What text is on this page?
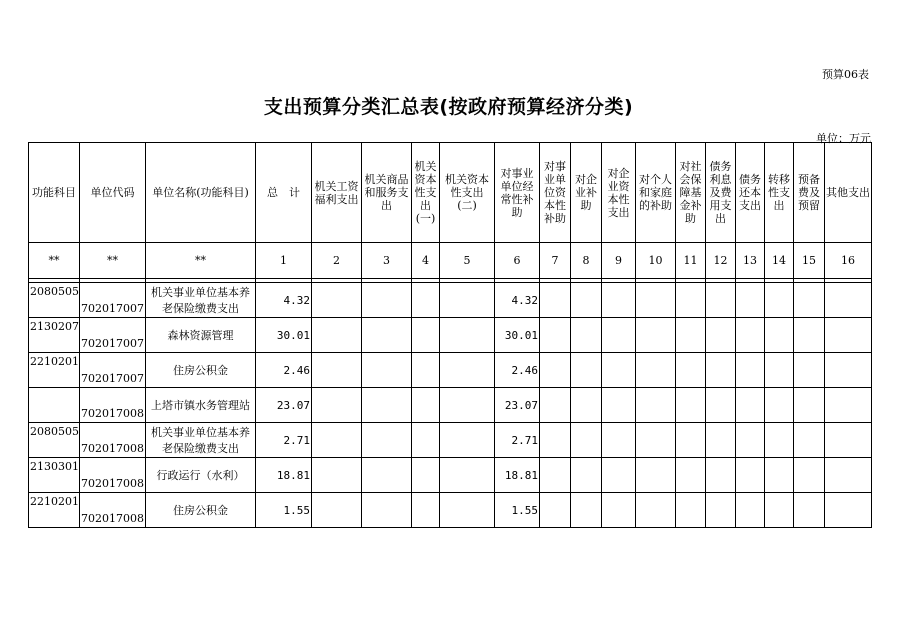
预算06表
支出预算分类汇总表(按政府预算经济分类)
单位：万元
功能科目	单位代码	单位名称(功能科目)	总　计	机关工资福利支出	机关商品和服务支出	机关资本性支出(一)	机关资本性支出(二)	对事业单位经常性补助	对事业单位资本性补助	对企业补助	对企业资本性支出	对个人和家庭的补助	对社会保障基金补助	债务利息及费用支出	债务还本支出	转移性支出	预备费及预留	其他支出
**	**	**	1	2	3	4	5	6	7	8	9	10	11	12	13	14	15	16

2080505	702017007	机关事业单位基本养老保险缴费支出	4.32					4.32										
2130207	702017007	森林资源管理	30.01					30.01										
2210201	702017007	住房公积金	2.46					2.46										
	702017008	上塔市镇水务管理站	23.07					23.07										
2080505	702017008	机关事业单位基本养老保险缴费支出	2.71					2.71										
2130301	702017008	行政运行（水利）	18.81					18.81										
2210201	702017008	住房公积金	1.55					1.55										
